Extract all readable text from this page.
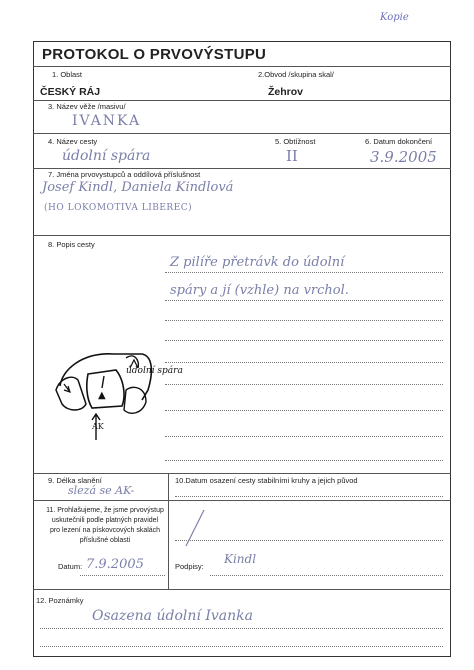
Kopie
PROTOKOL O PRVOVÝSTUPU
1. Oblast	2.Obvod /skupina skal/
ČESKÝ RÁJ	Žehrov
3. Název věže /masivu/
IVANKA
4. Název cesty	5. Obtížnost	6. Datum dokončení
údolní spára	II	3.9.2005
7. Jména prvovystupců a oddílová příslušnost
Josef Kindl, Daniela Kindlová
(HO LOKOMOTIVA LIBEREC)
8. Popis cesty
Z pilíře přetrávk do údolní
spáry a jí (vzhle) na vrchol.
▲
údolní spára
AK
9. Délka slanění
slezá se AK-
10.Datum osazení cesty stabilními kruhy a jejich původ
11. Prohlašujeme, že jsme prvovýstup uskutečnili podle platných pravidel pro lezení na pískovcových skalách příslušné oblasti
Datum: 7.9.2005	Podpisy:
Kindl
12. Poznámky
Osazena údolní Ivanka
